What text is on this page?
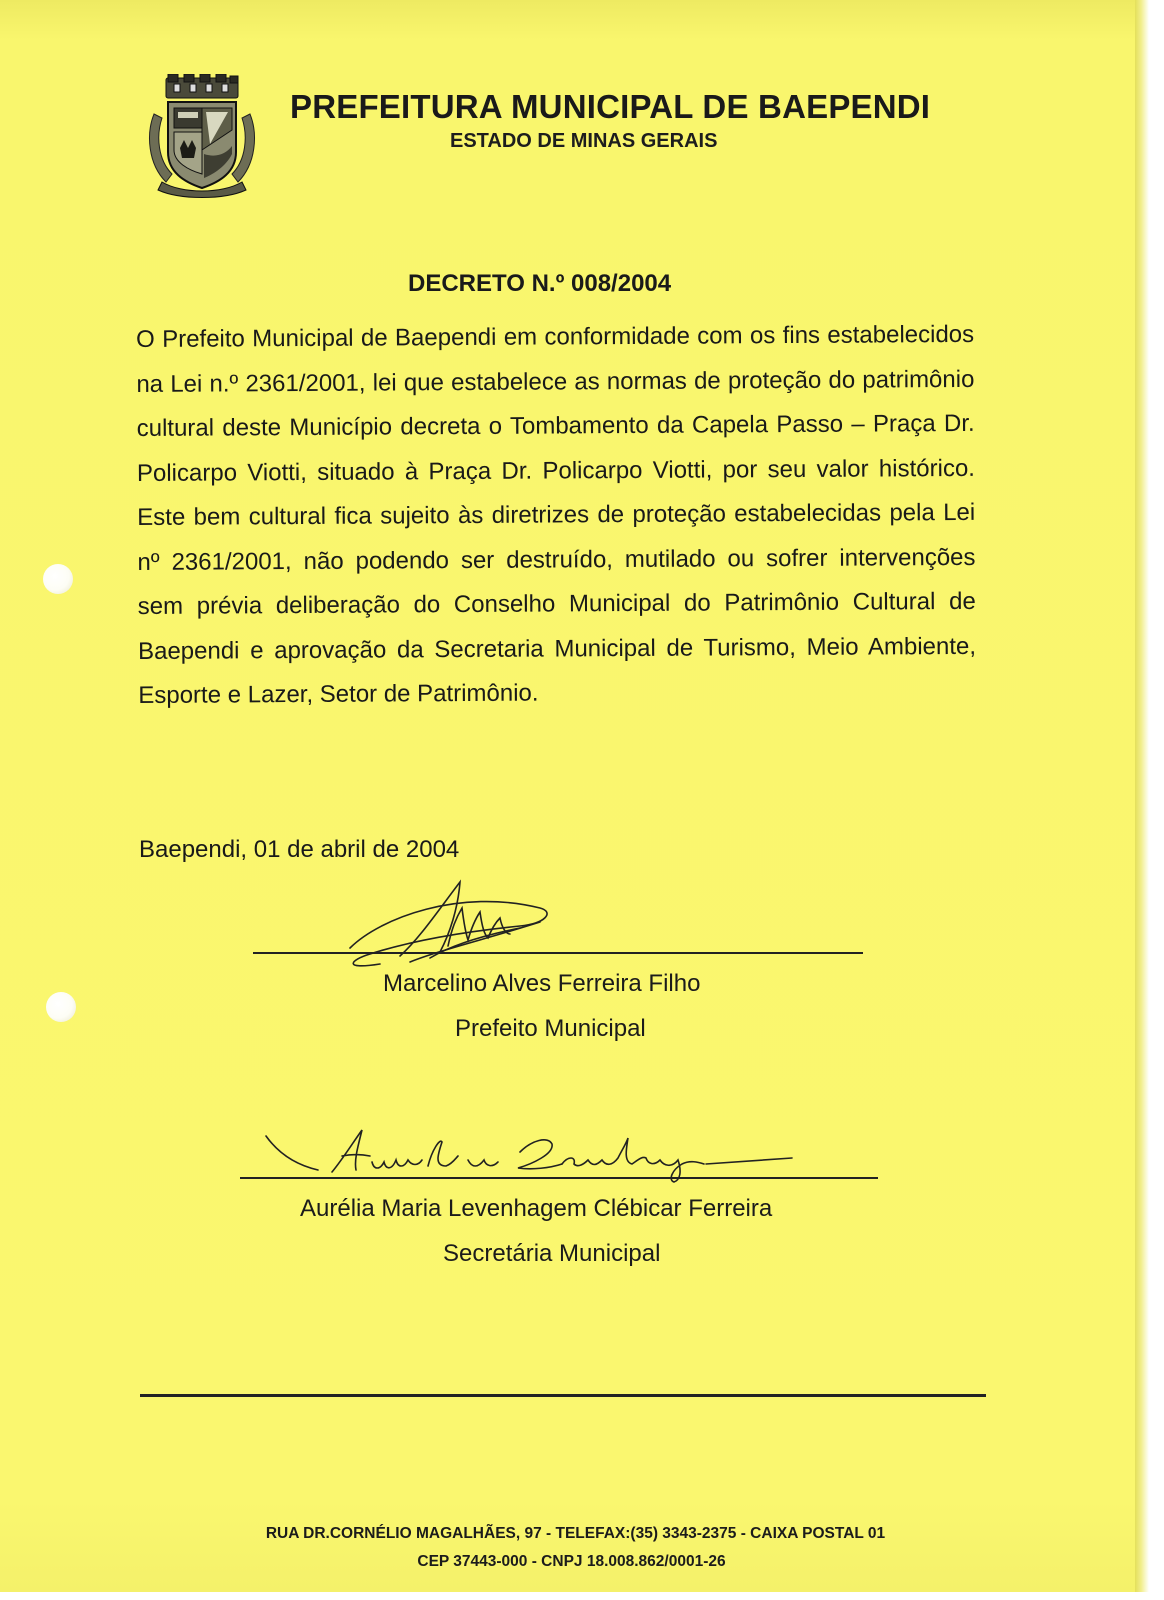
PREFEITURA MUNICIPAL DE BAEPENDI
ESTADO DE MINAS GERAIS
DECRETO N.º 008/2004
O Prefeito Municipal de Baependi em conformidade com os fins estabelecidos na Lei n.º 2361/2001, lei que estabelece as normas de proteção do patrimônio cultural deste Município decreta o Tombamento da Capela Passo – Praça Dr. Policarpo Viotti, situado à Praça Dr. Policarpo Viotti, por seu valor histórico. Este bem cultural fica sujeito às diretrizes de proteção estabelecidas pela Lei nº 2361/2001, não podendo ser destruído, mutilado ou sofrer intervenções sem prévia deliberação do Conselho Municipal do Patrimônio Cultural de Baependi e aprovação da Secretaria Municipal de Turismo, Meio Ambiente, Esporte e Lazer, Setor de Patrimônio.
Baependi, 01 de abril de 2004
Marcelino Alves Ferreira Filho
Prefeito Municipal
Aurélia Maria Levenhagem Clébicar Ferreira
Secretária Municipal
RUA DR.CORNÉLIO MAGALHÃES, 97 - TELEFAX:(35) 3343-2375 - CAIXA POSTAL 01
CEP 37443-000 - CNPJ 18.008.862/0001-26
